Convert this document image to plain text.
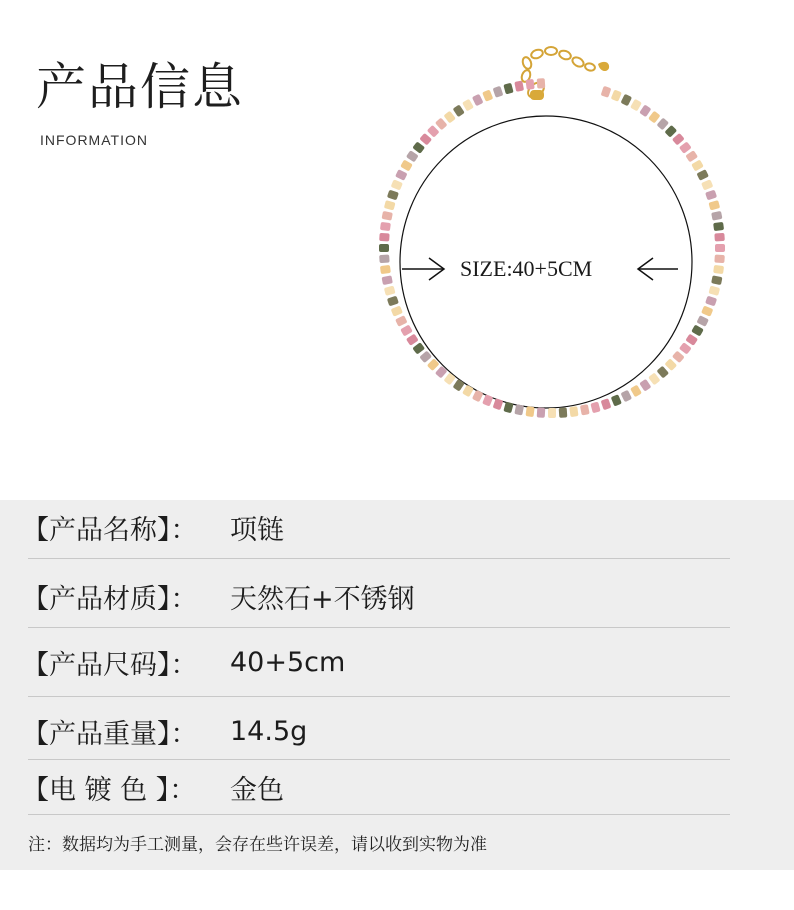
产品信息
INFORMATION
SIZE:40+5CM
【产品名称】：	项链
【产品材质】：	天然石+不锈钢
【产品尺码】：	40+5cm
【产品重量】：	14.5g
【电 镀 色 】：	金色
注：数据均为手工测量，会存在些许误差，请以收到实物为准
